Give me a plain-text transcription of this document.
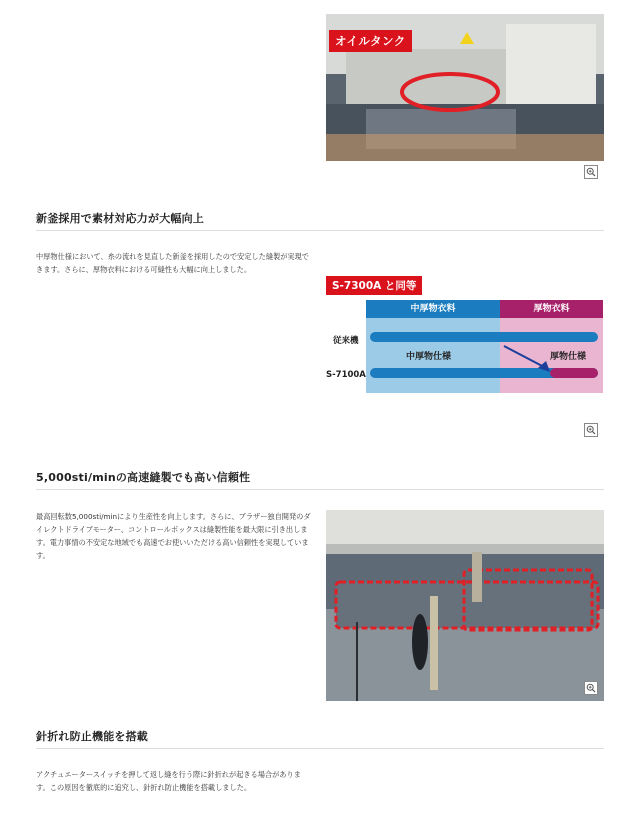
オイルタンク
新釜採用で素材対応力が大幅向上
中厚物仕様において、糸の流れを見直した新釜を採用したので安定した縫製が実現できます。さらに、厚物衣料における可縫性も大幅に向上しました。
S-7300A と同等
中厚物衣料	厚物衣料
従来機
S-7100A
中厚物仕様	厚物仕様
5,000sti/minの高速縫製でも高い信頼性
最高回転数5,000sti/minにより生産性を向上します。さらに、ブラザー独自開発のダイレクトドライブモーター、コントロールボックスは縫製性能を最大限に引き出します。電力事情の不安定な地域でも高速でお使いいただける高い信頼性を実現しています。
針折れ防止機能を搭載
アクチュエータースイッチを押して返し縫を行う際に針折れが起きる場合があります。この原因を徹底的に追究し、針折れ防止機能を搭載しました。
